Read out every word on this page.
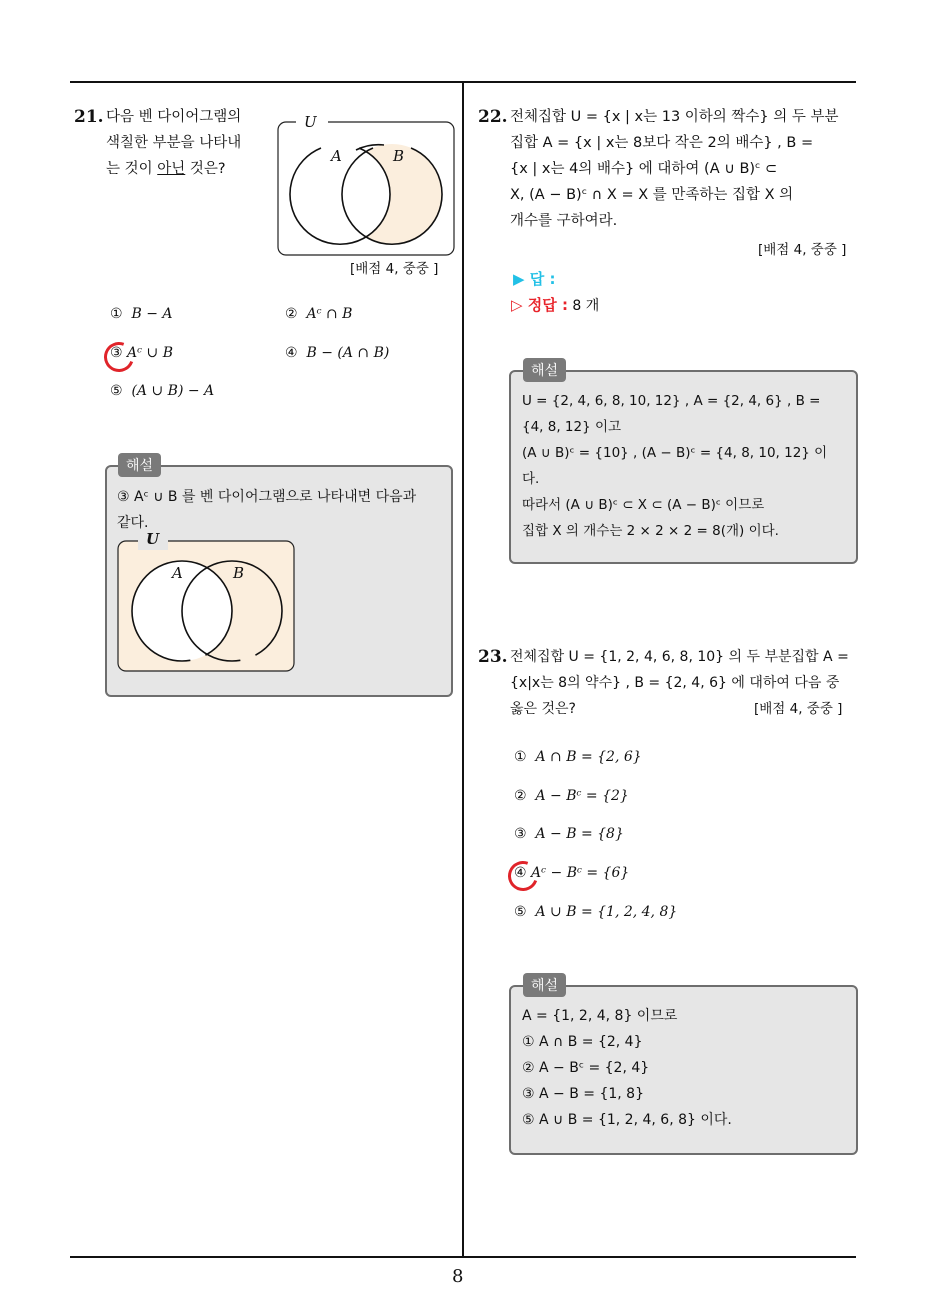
8
21. 다음 벤 다이어그램의
색칠한 부분을 나타내
는 것이 아닌 것은?
U
A	B
[배점 4, 중중 ]
① B − A	② Aᶜ ∩ B
③ Aᶜ ∪ B	④ B − (A ∩ B)
⑤ (A ∪ B) − A
해설
③ Aᶜ ∪ B 를 벤 다이어그램으로 나타내면 다음과
같다.
U
A	B
22. 전체집합 U = {x | x는 13 이하의 짝수} 의 두 부분
집합 A = {x | x는 8보다 작은 2의 배수} , B =
{x | x는 4의 배수} 에 대하여 (A ∪ B)ᶜ ⊂
X, (A − B)ᶜ ∩ X = X 를 만족하는 집합 X 의
개수를 구하여라.
[배점 4, 중중 ]
▶ 답 :
▷ 정답 : 8 개
해설
U = {2, 4, 6, 8, 10, 12} , A = {2, 4, 6} , B =
{4, 8, 12} 이고
(A ∪ B)ᶜ = {10} , (A − B)ᶜ = {4, 8, 10, 12} 이
다.
따라서 (A ∪ B)ᶜ ⊂ X ⊂ (A − B)ᶜ 이므로
집합 X 의 개수는 2 × 2 × 2 = 8(개) 이다.
23. 전체집합 U = {1, 2, 4, 6, 8, 10} 의 두 부분집합 A =
{x|x는 8의 약수} , B = {2, 4, 6} 에 대하여 다음 중
옳은 것은?	[배점 4, 중중 ]
① A ∩ B = {2, 6}
② A − Bᶜ = {2}
③ A − B = {8}
④ Aᶜ − Bᶜ = {6}
⑤ A ∪ B = {1, 2, 4, 8}
해설
A = {1, 2, 4, 8} 이므로
① A ∩ B = {2, 4}
② A − Bᶜ = {2, 4}
③ A − B = {1, 8}
⑤ A ∪ B = {1, 2, 4, 6, 8} 이다.
